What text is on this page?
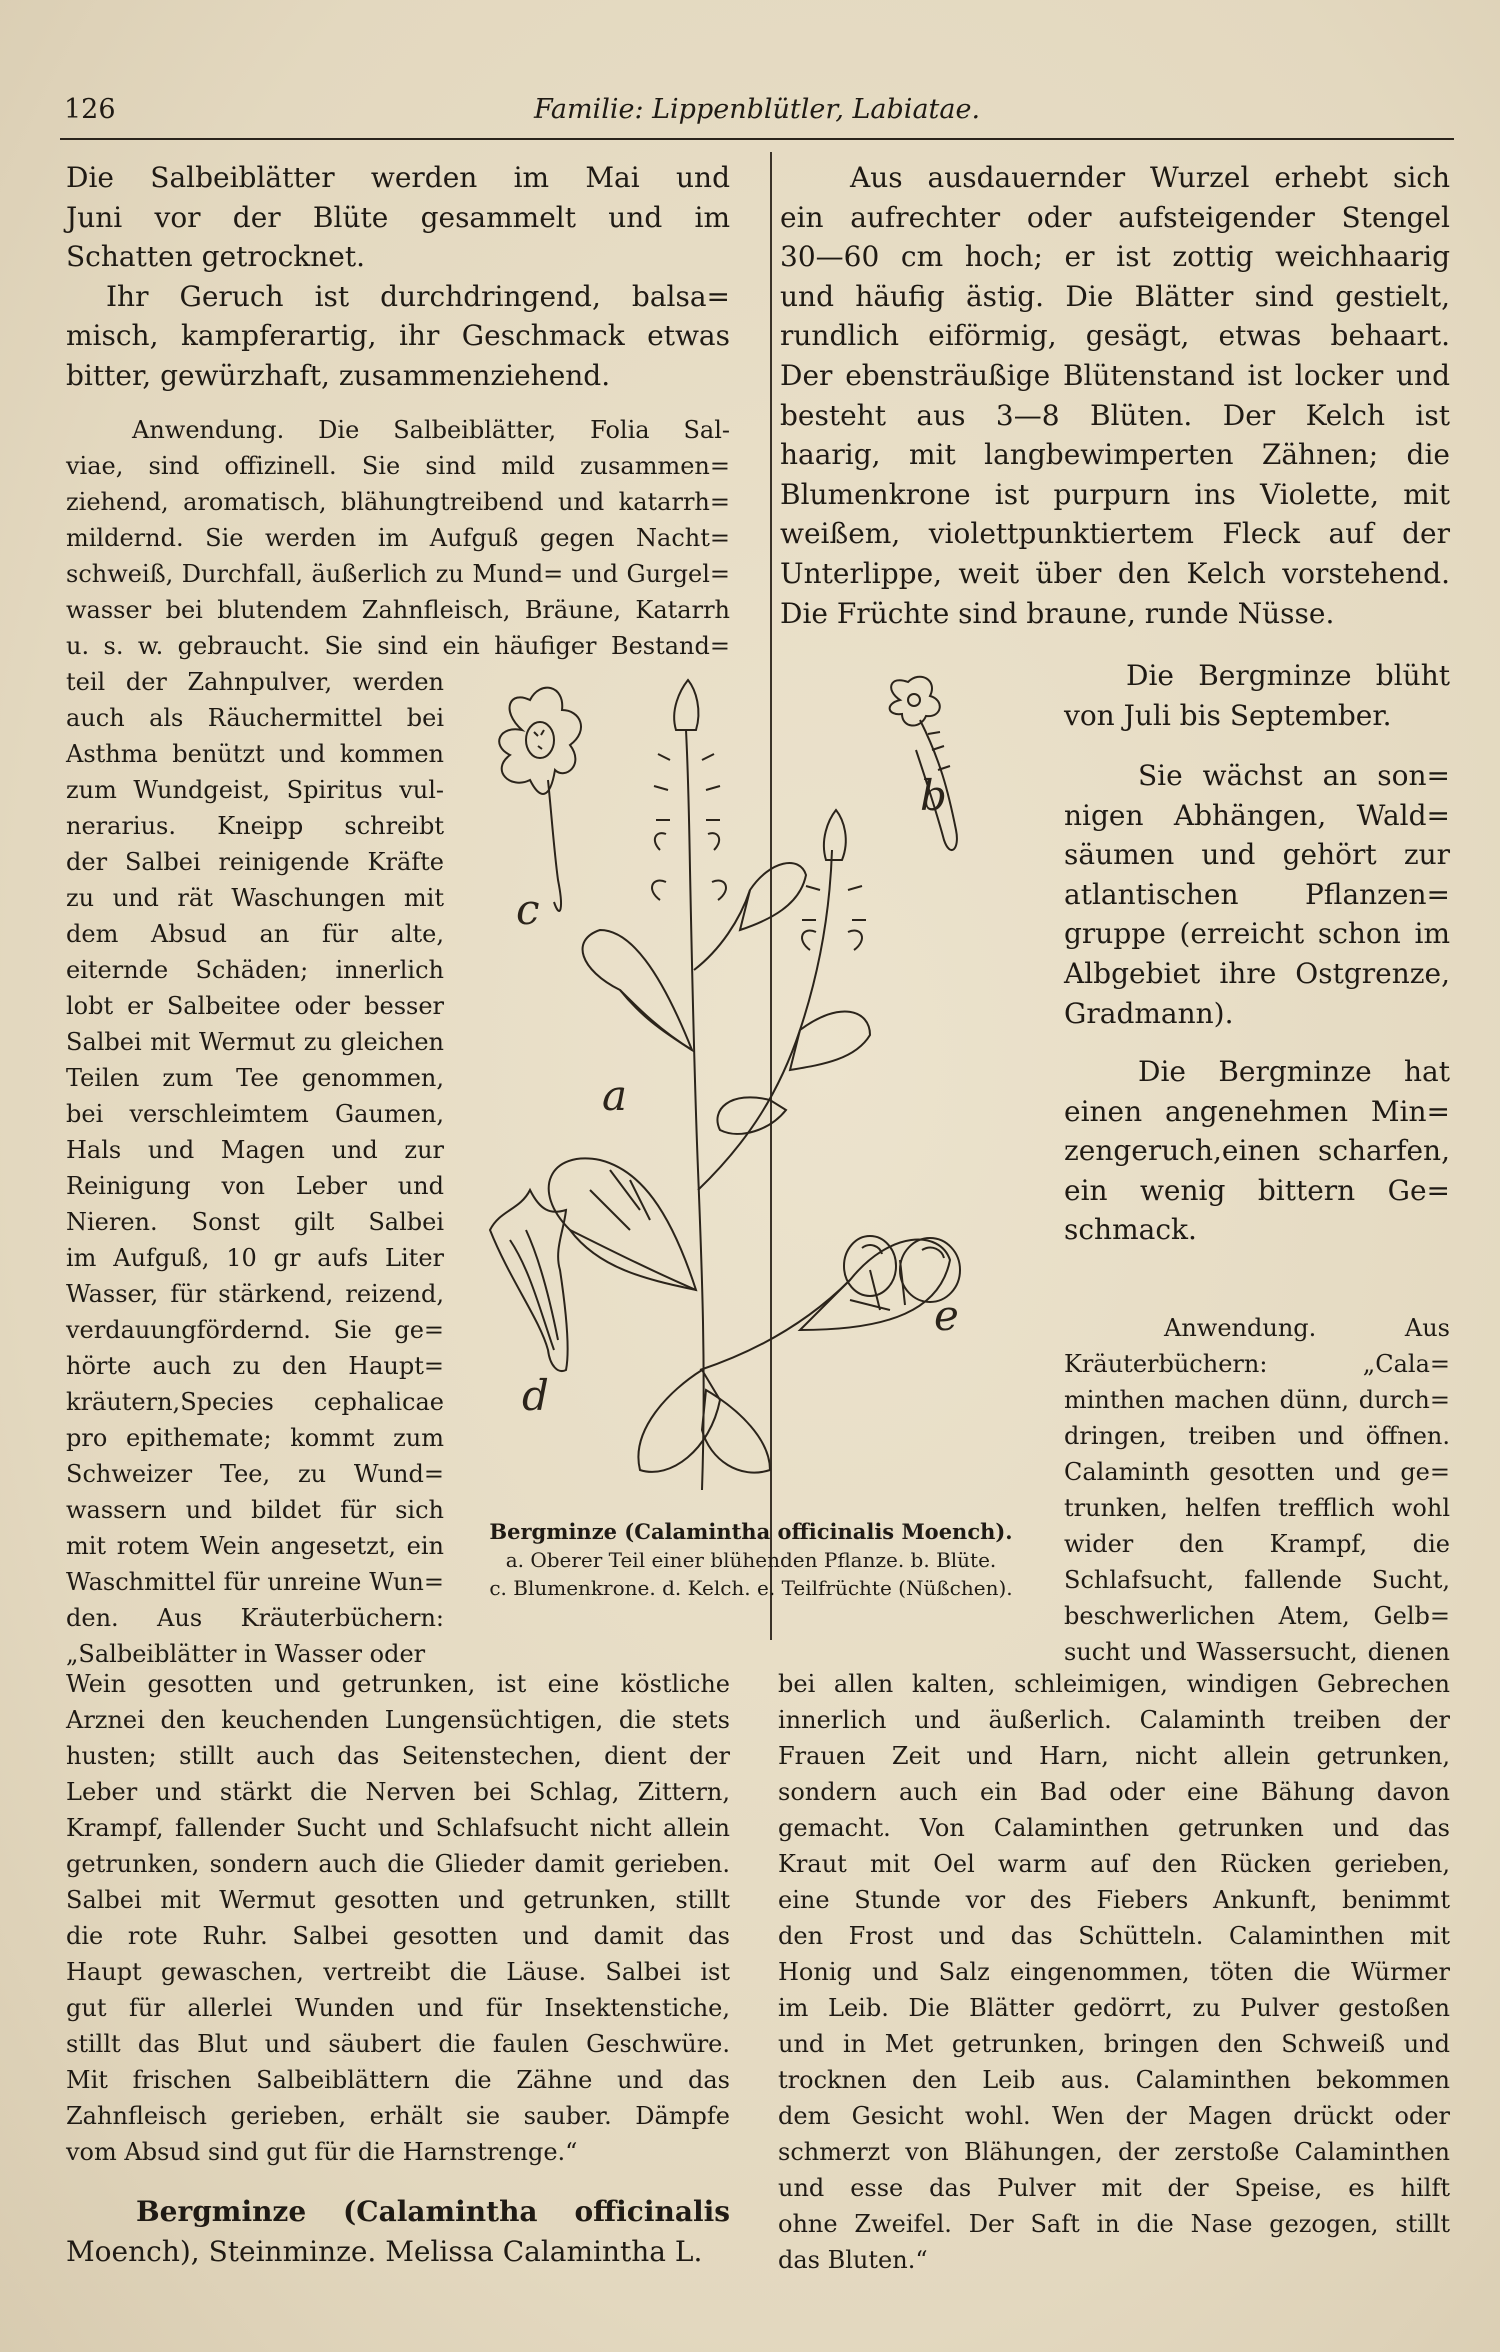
126	Familie: Lippenblütler, Labiatae.

Die Salbeiblätter werden im Mai und

Juni vor der Blüte gesammelt und im

Schatten getrocknet.

Ihr Geruch ist durchdringend, balsa=

misch, kampferartig, ihr Geschmack etwas

bitter, gewürzhaft, zusammenziehend.

Anwendung. Die Salbeiblätter, Folia Sal-

viae, sind offizinell. Sie sind mild zusammen=

ziehend, aromatisch, blähungtreibend und katarrh=

mildernd. Sie werden im Aufguß gegen Nacht=

schweiß, Durchfall, äußerlich zu Mund= und Gurgel=

wasser bei blutendem Zahnfleisch, Bräune, Katarrh

u. s. w. gebraucht. Sie sind ein häufiger Bestand=

teil der Zahnpulver, werden

auch als Räuchermittel bei

Asthma benützt und kommen

zum Wundgeist, Spiritus vul-

nerarius. Kneipp schreibt

der Salbei reinigende Kräfte

zu und rät Waschungen mit

dem Absud an für alte,

eiternde Schäden; innerlich

lobt er Salbeitee oder besser

Salbei mit Wermut zu gleichen

Teilen zum Tee genommen,

bei verschleimtem Gaumen,

Hals und Magen und zur

Reinigung von Leber und

Nieren. Sonst gilt Salbei

im Aufguß, 10 gr aufs Liter

Wasser, für stärkend, reizend,

verdauungfördernd. Sie ge=

hörte auch zu den Haupt=

kräutern,Species cephalicae

pro epithemate; kommt zum

Schweizer Tee, zu Wund=

wassern und bildet für sich

mit rotem Wein angesetzt, ein

Waschmittel für unreine Wun=

den. Aus Kräuterbüchern:

„Salbeiblätter in Wasser oder

Wein gesotten und getrunken, ist eine köstliche

Arznei den keuchenden Lungensüchtigen, die stets

husten; stillt auch das Seitenstechen, dient der

Leber und stärkt die Nerven bei Schlag, Zittern,

Krampf, fallender Sucht und Schlafsucht nicht allein

getrunken, sondern auch die Glieder damit gerieben.

Salbei mit Wermut gesotten und getrunken, stillt

die rote Ruhr. Salbei gesotten und damit das

Haupt gewaschen, vertreibt die Läuse. Salbei ist

gut für allerlei Wunden und für Insektenstiche,

stillt das Blut und säubert die faulen Geschwüre.

Mit frischen Salbeiblättern die Zähne und das

Zahnfleisch gerieben, erhält sie sauber. Dämpfe

vom Absud sind gut für die Harnstrenge.“

Bergminze (Calamintha officinalis

Moench), Steinminze. Melissa Calamintha L.

Aus ausdauernder Wurzel erhebt sich

ein aufrechter oder aufsteigender Stengel

30—60 cm hoch; er ist zottig weichhaarig

und häufig ästig. Die Blätter sind gestielt,

rundlich eiförmig, gesägt, etwas behaart.

Der ebensträußige Blütenstand ist locker und

besteht aus 3—8 Blüten. Der Kelch ist

haarig, mit langbewimperten Zähnen; die

Blumenkrone ist purpurn ins Violette, mit

weißem, violettpunktiertem Fleck auf der

Unterlippe, weit über den Kelch vorstehend.

Die Früchte sind braune, runde Nüsse.

Die Bergminze blüht

von Juli bis September.

Sie wächst an son=

nigen Abhängen, Wald=

säumen und gehört zur

atlantischen Pflanzen=

gruppe (erreicht schon im

Albgebiet ihre Ostgrenze,

Gradmann).

Die Bergminze hat

einen angenehmen Min=

zengeruch,einen scharfen,

ein wenig bittern Ge=

schmack.

Anwendung. Aus

Kräuterbüchern: „Cala=

minthen machen dünn, durch=

dringen, treiben und öffnen.

Calaminth gesotten und ge=

trunken, helfen trefflich wohl

wider den Krampf, die

Schlafsucht, fallende Sucht,

beschwerlichen Atem, Gelb=

sucht und Wassersucht, dienen

bei allen kalten, schleimigen, windigen Gebrechen

innerlich und äußerlich. Calaminth treiben der

Frauen Zeit und Harn, nicht allein getrunken,

sondern auch ein Bad oder eine Bähung davon

gemacht. Von Calaminthen getrunken und das

Kraut mit Oel warm auf den Rücken gerieben,

eine Stunde vor des Fiebers Ankunft, benimmt

den Frost und das Schütteln. Calaminthen mit

Honig und Salz eingenommen, töten die Würmer

im Leib. Die Blätter gedörrt, zu Pulver gestoßen

und in Met getrunken, bringen den Schweiß und

trocknen den Leib aus. Calaminthen bekommen

dem Gesicht wohl. Wen der Magen drückt oder

schmerzt von Blähungen, der zerstoße Calaminthen

und esse das Pulver mit der Speise, es hilft

ohne Zweifel. Der Saft in die Nase gezogen, stillt

das Bluten.“

a
b
c
d
e
Bergminze (Calamintha officinalis Moench).
a. Oberer Teil einer blühenden Pflanze. b. Blüte.
c. Blumenkrone. d. Kelch. e. Teilfrüchte (Nüßchen).
